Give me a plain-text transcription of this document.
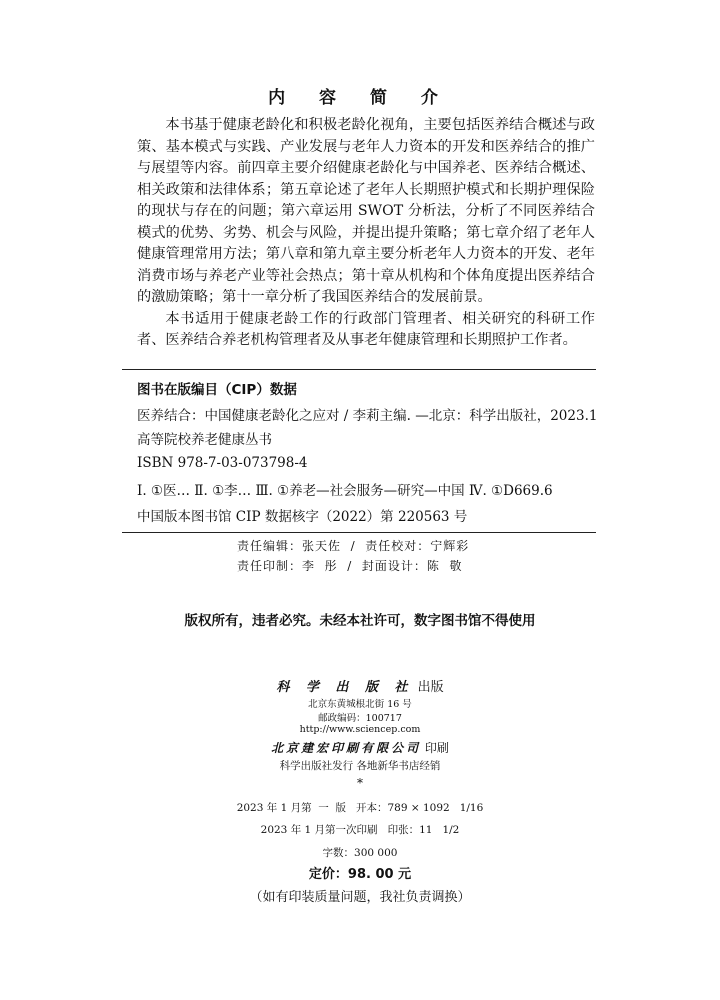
内 容 简 介

本书基于健康老龄化和积极老龄化视角，主要包括医养结合概述与政策、基本模式与实践、产业发展与老年人力资本的开发和医养结合的推广与展望等内容。前四章主要介绍健康老龄化与中国养老、医养结合概述、相关政策和法律体系；第五章论述了老年人长期照护模式和长期护理保险的现状与存在的问题；第六章运用 SWOT 分析法，分析了不同医养结合模式的优势、劣势、机会与风险，并提出提升策略；第七章介绍了老年人健康管理常用方法；第八章和第九章主要分析老年人力资本的开发、老年消费市场与养老产业等社会热点；第十章从机构和个体角度提出医养结合的激励策略；第十一章分析了我国医养结合的发展前景。

本书适用于健康老龄工作的行政部门管理者、相关研究的科研工作者、医养结合养老机构管理者及从事老年健康管理和长期照护工作者。

图书在版编目（CIP）数据
医养结合：中国健康老龄化之应对 / 李莉主编. —北京：科学出版社，2023.1
高等院校养老健康丛书
ISBN 978-7-03-073798-4
Ⅰ. ①医… Ⅱ. ①李… Ⅲ. ①养老—社会服务—研究—中国 Ⅳ. ①D669.6
中国版本图书馆 CIP 数据核字（2022）第 220563 号
责任编辑：张天佐  /  责任校对：宁辉彩
责任印制：李  彤  /  封面设计：陈  敬
版权所有，违者必究。未经本社许可，数字图书馆不得使用
科 学 出 版 社 出版
北京东黄城根北街 16 号
邮政编码：100717
http://www.sciencep.com
北京建宏印刷有限公司 印刷
科学出版社发行 各地新华书店经销
*
2023 年 1 月第  一  版   开本：789 × 1092   1/16
2023 年 1 月第一次印刷   印张：11   1/2
字数：300 000
定价：98. 00 元
（如有印装质量问题，我社负责调换）
